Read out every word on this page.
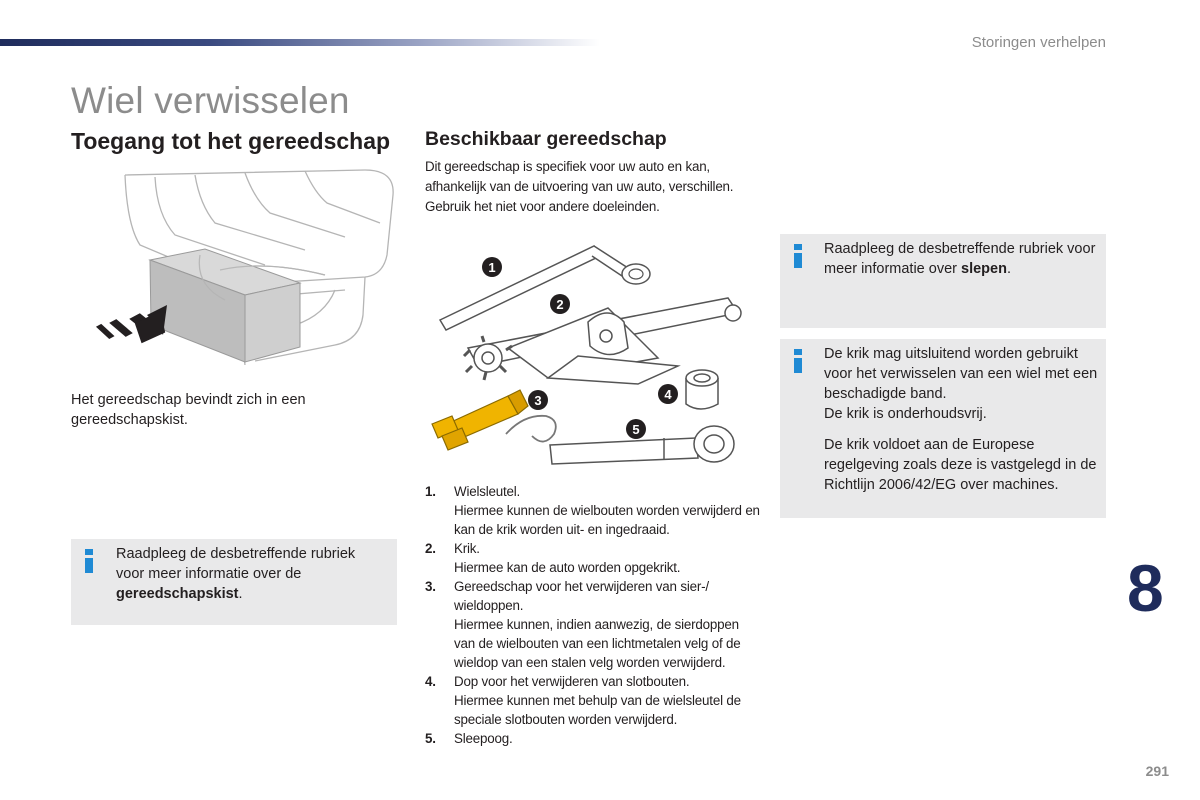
Storingen verhelpen
Wiel verwisselen
Toegang tot het gereedschap

Het gereedschap bevindt zich in een gereedschapskist.

Raadpleeg de desbetreffende rubriek voor meer informatie over de gereedschapskist.

Beschikbaar gereedschap

Dit gereedschap is specifiek voor uw auto en kan, afhankelijk van de uitvoering van uw auto, verschillen. Gebruik het niet voor andere doeleinden.

1
2
3	4
5
1. Wielsleutel.
Hiermee kunnen de wielbouten worden verwijderd en kan de krik worden uit- en ingedraaid.
2. Krik.
Hiermee kan de auto worden opgekrikt.
3. Gereedschap voor het verwijderen van sier-/ wieldoppen.
Hiermee kunnen, indien aanwezig, de sierdoppen van de wielbouten van een lichtmetalen velg of de wieldop van een stalen velg worden verwijderd.
4. Dop voor het verwijderen van slotbouten.
Hiermee kunnen met behulp van de wielsleutel de speciale slotbouten worden verwijderd.
5. Sleepoog.

Raadpleeg de desbetreffende rubriek voor meer informatie over slepen.

De krik mag uitsluitend worden gebruikt voor het verwisselen van een wiel met een beschadigde band.
De krik is onderhoudsvrij.

De krik voldoet aan de Europese regelgeving zoals deze is vastgelegd in de Richtlijn 2006/42/EG over machines.

8
291
